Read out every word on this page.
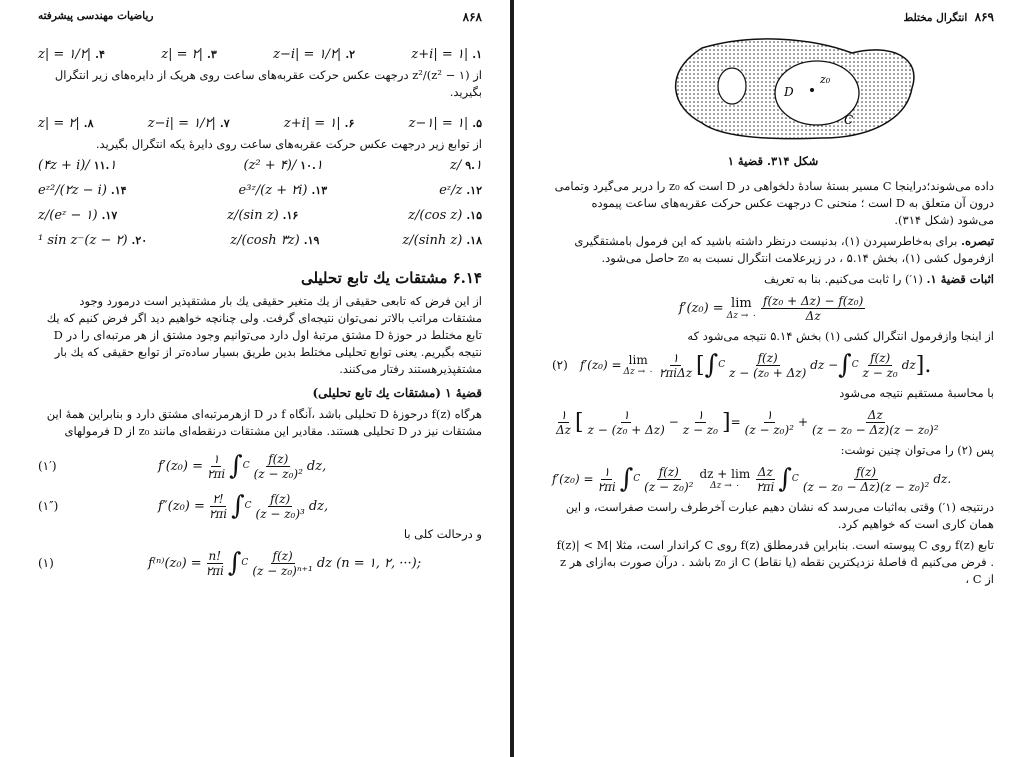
۸۶۸
ریاضیات مهندسی پیشرفته
۱.|z+i| = ۱
۲.|z−i| = ۱/۲
۳.|z| = ۲
۴.|z| = ۱/۲
از (۱ − z²)/z² درجهت عکس حرکت عقربه‌های ساعت روی هریک از دایره‌های زیر انتگرال بگیرید.
۵.|z−۱| = ۱
۶.|z+i| = ۱
۷.|z−i| = ۱/۲
۸.|z| = ۲
از توابع زیر درجهت عکس حرکت عقربه‌های ساعت روی دایرهٔ یکه انتگرال بگیرید.
۹.۱/z
۱۰.۱/(z² + ۴)
۱۱.۱/(۴z + i)
۱۲.eᶻ/z
۱۳.e³ᶻ/(z + ۲i)
۱۴.eᶻ²/(۲z − i)
۱۵.(cos z)/z
۱۶.(sin z)/z
۱۷.(eᶻ − ۱)/z
۱۸.(sinh z)/z
۱۹.(cosh ۳z)/z
۲۰.(z − ۲)⁻¹ sin z
۶.۱۴ مشتقات یك تابع تحلیلی
از این فرض که تابعی حقیقی از یك متغیر حقیقی یك بار مشتقپذیر است درمورد وجود مشتقات مراتب بالاتر نمی‌توان نتیجه‌ای گرفت. ولی چنانچه خواهیم دید اگر فرض کنیم که یك تابع مختلط در حوزهٔ D مشتق مرتبهٔ اول دارد می‌توانیم وجود مشتق از هر مرتبه‌ای را در D نتیجه بگیریم. یعنی توابع تحلیلی مختلط بدین طریق بسیار ساده‌تر از توابع حقیقی که یك بار مشتقپذیرهستند رفتار می‌کنند.
قضیهٔ ۱ (مشتقات یك تابع تحلیلی)
هرگاه f(z) درحوزهٔ D تحلیلی باشد ،آنگاه f در D ازهرمرتبه‌ای مشتق دارد و بنابراین همهٔ این مشتقات نیز در D تحلیلی هستند. مقادیر این مشتقات درنقطه‌ای مانند z₀ از D فرمولهای
(۱′)	$f'(z_0) = \frac{۱}{۲\pi i}$ ∫ C $\frac{f(z)}{\text{(z − z₀)²}}$ dz,
(۱″)	$f''(z_0) = \frac{۲!}{۲\pi i}$ ∫ C $\frac{f(z)}{\text{(z − z₀)³}}$ dz,
و درحالت کلی با
(۱)	$f^{(n)}(z_0) = \frac{n!}{۲\pi i}$ ∫ C $\frac{f(z)}{\text{(z − z₀)ⁿ⁺¹}}$ dz (n = ۱, ۲, ···);
۸۶۹  انتگرال مختلط
D
z₀
C
شکل ۳۱۴. قضیهٔ ۱
داده می‌شوند؛دراینجا C مسیر بستهٔ سادهٔ دلخواهی در D است که z₀ را دربر می‌گیرد وتمامی درون آن متعلق به D است ؛ منحنی C درجهت عکس حرکت عقربه‌های ساعت پیموده می‌شود (شکل ۳۱۴).
تبصره. برای به‌خاطرسپردن (۱)، بدنیست درنظر داشته باشید که این فرمول بامشتقگیری ازفرمول کشی (۱)، بخش ۵.۱۴ ، در زیرعلامت انتگرال نسبت به z₀ حاصل می‌شود.
اثبات قضیهٔ ۱. (۱′) را ثابت می‌کنیم. بنا به تعریف
f′(z₀) = lim
Δz → ۰ $\frac{\text{f(z₀ + Δz) − f(z₀)}}{\Delta z}$
از اینجا وازفرمول انتگرال کشی (۱) بخش ۵.۱۴ نتیجه می‌شود که
(۲) f′(z₀) = lim
Δz → ۰ $\frac{۱}{\text{۲πiΔz}}$ [ ∫ C $\frac{f(z)}{\text{z − (z₀ + Δz)}}$ dz − ∫ C $\frac{f(z)}{\text{z − z₀}}$ dz ].
با محاسبهٔ مستقیم نتیجه می‌شود
$\frac{۱}{\Delta z}$ [ $\frac{۱}{\text{z − (z₀ + Δz)}} - \frac{۱}{\text{z − z₀}}$ ] = $\frac{۱}{\text{(z − z₀)²}} + \frac{\Delta z}{\text{(z − z₀ − Δz)(z − z₀)²}}$
پس (۲) را می‌توان چنین نوشت:
$f'(z_0) = \frac{۱}{۲\pi i}$ ∫ C $\frac{f(z)}{\text{(z − z₀)²}}$ dz + lim
Δz → ۰ $\frac{\Delta z}{۲\pi i}$ ∫ C $\frac{f(z)}{\text{(z − z₀ − Δz)(z − z₀)²}}$ dz.
درنتیجه (۱′) وقتی به‌اثبات می‌رسد که نشان دهیم عبارت آخرطرف راست صفراست، و این همان کاری است که خواهیم کرد.
تابع f(z) روی C پیوسته است. بنابراین قدرمطلق f(z) روی C کراندار است، مثلا |f(z)| < M . فرض می‌کنیم d فاصلهٔ نزدیکترین نقطه (یا نقاط) C از z₀ باشد . درآن صورت به‌ازای هر z از C ،
